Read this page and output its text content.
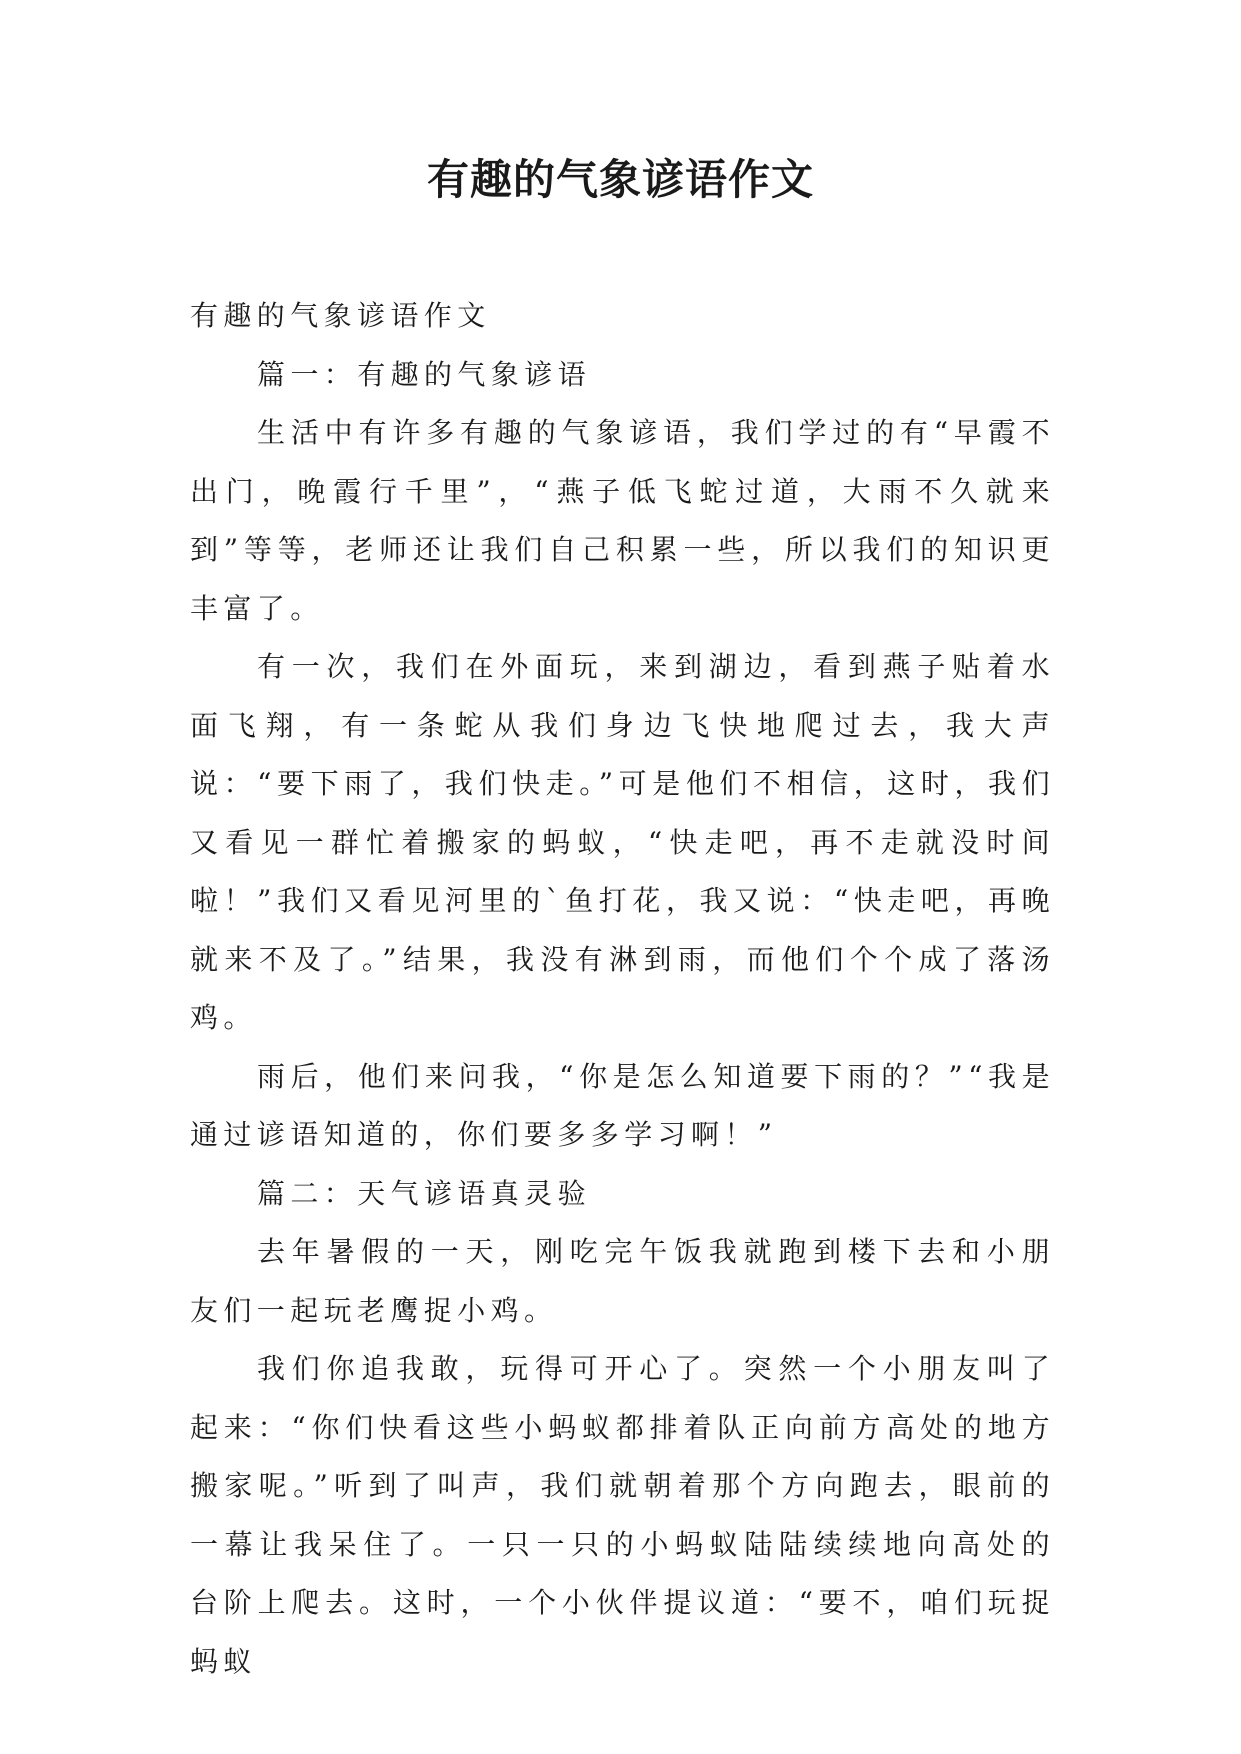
有趣的气象谚语作文

有趣的气象谚语作文

篇一：有趣的气象谚语

生活中有许多有趣的气象谚语，我们学过的有“早霞不出门，晚霞行千里”，“燕子低飞蛇过道，大雨不久就来到”等等，老师还让我们自己积累一些，所以我们的知识更丰富了。

有一次，我们在外面玩，来到湖边，看到燕子贴着水面飞翔，有一条蛇从我们身边飞快地爬过去，我大声说：“要下雨了，我们快走。”可是他们不相信，这时，我们又看见一群忙着搬家的蚂蚁，“快走吧，再不走就没时间啦！”我们又看见河里的`鱼打花，我又说：“快走吧，再晚就来不及了。”结果，我没有淋到雨，而他们个个成了落汤鸡。

雨后，他们来问我，“你是怎么知道要下雨的？”“我是通过谚语知道的，你们要多多学习啊！”

篇二：天气谚语真灵验

去年暑假的一天，刚吃完午饭我就跑到楼下去和小朋友们一起玩老鹰捉小鸡。

我们你追我敢，玩得可开心了。突然一个小朋友叫了起来：“你们快看这些小蚂蚁都排着队正向前方高处的地方搬家呢。”听到了叫声，我们就朝着那个方向跑去，眼前的一幕让我呆住了。一只一只的小蚂蚁陆陆续续地向高处的台阶上爬去。这时，一个小伙伴提议道：“要不，咱们玩捉蚂蚁
